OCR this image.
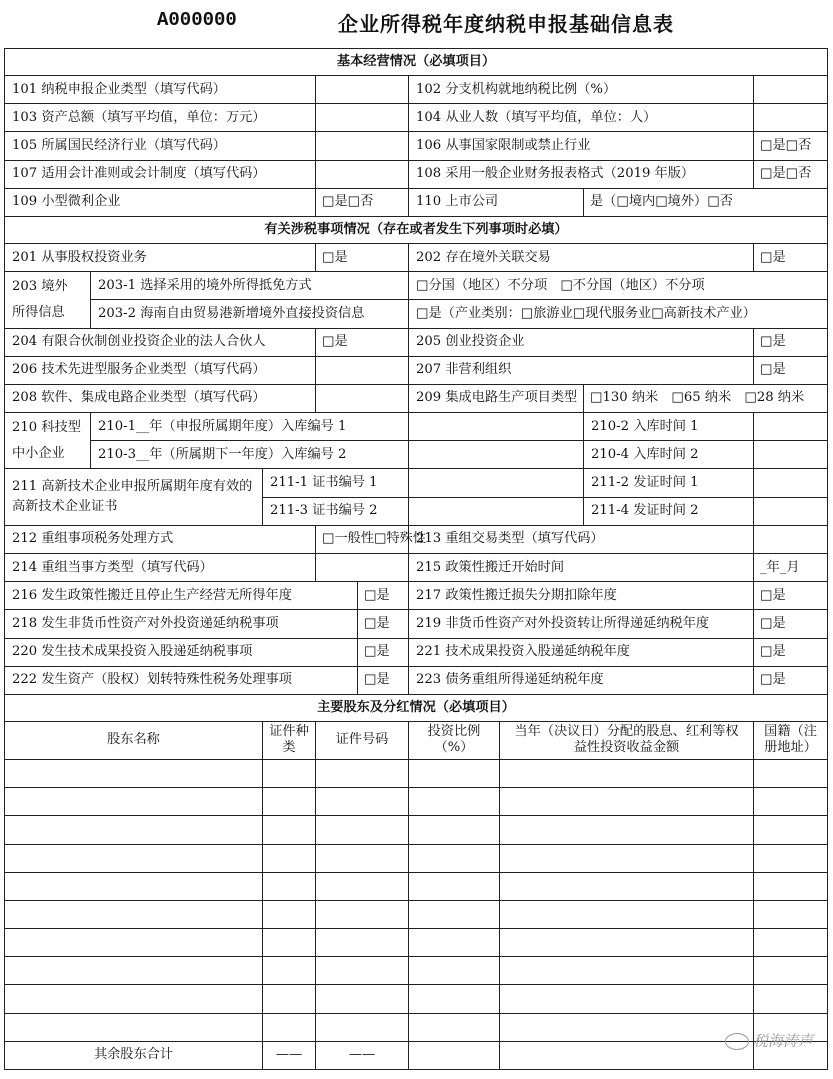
A000000	企业所得税年度纳税申报基础信息表
基本经营情况（必填项目）								
101 纳税申报企业类型（填写代码）					102 分支机构就地纳税比例（%）			
103 资产总额（填写平均值，单位：万元）					104 从业人数（填写平均值，单位：人）			
105 所属国民经济行业（填写代码）					106 从事国家限制或禁止行业			□是□否
107 适用会计准则或会计制度（填写代码）					108 采用一般企业财务报表格式（2019 年版）			□是□否
109 小型微利企业			□是□否		110 上市公司		是（□境内□境外）□否	
有关涉税事项情况（存在或者发生下列事项时必填）								
201 从事股权投资业务			□是		202 存在境外关联交易			□是

203 境外
所得信息	203-1 选择采用的境外所得抵免方式				□分国（地区）不分项　□不分国（地区）不分项			
	203-2 海南自由贸易港新增境外直接投资信息				□是（产业类别：□旅游业□现代服务业□高新技术产业）			
204 有限合伙制创业投资企业的法人合伙人			□是		205 创业投资企业			□是
206 技术先进型服务企业类型（填写代码）					207 非营利组织			□是
208 软件、集成电路企业类型（填写代码）					209 集成电路生产项目类型		□130 纳米　□65 纳米　□28 纳米	

210 科技型
中小企业	210-1__年（申报所属期年度）入库编号 1						210-2 入库时间 1	
	210-3__年（所属期下一年度）入库编号 2						210-4 入库时间 2	
211 高新技术企业申报所属期年度有效的高新技术企业证书		211-1 证书编号 1					211-2 发证时间 1	
		211-3 证书编号 2					211-4 发证时间 2	
212 重组事项税务处理方式			□一般性□特殊性		213 重组交易类型（填写代码）			
214 重组当事方类型（填写代码）					215 政策性搬迁开始时间			_年_月
216 发生政策性搬迁且停止生产经营无所得年度				□是	217 政策性搬迁损失分期扣除年度			□是
218 发生非货币性资产对外投资递延纳税事项				□是	219 非货币性资产对外投资转让所得递延纳税年度			□是
220 发生技术成果投资入股递延纳税事项				□是	221 技术成果投资入股递延纳税年度			□是
222 发生资产（股权）划转特殊性税务处理事项				□是	223 债务重组所得递延纳税年度			□是
主要股东及分红情况（必填项目）								
股东名称		证件种类	证件号码		投资比例（%）	当年（决议日）分配的股息、红利等权益性投资收益金额		国籍（注册地址）

其余股东合计		——	——					
税海涛声
